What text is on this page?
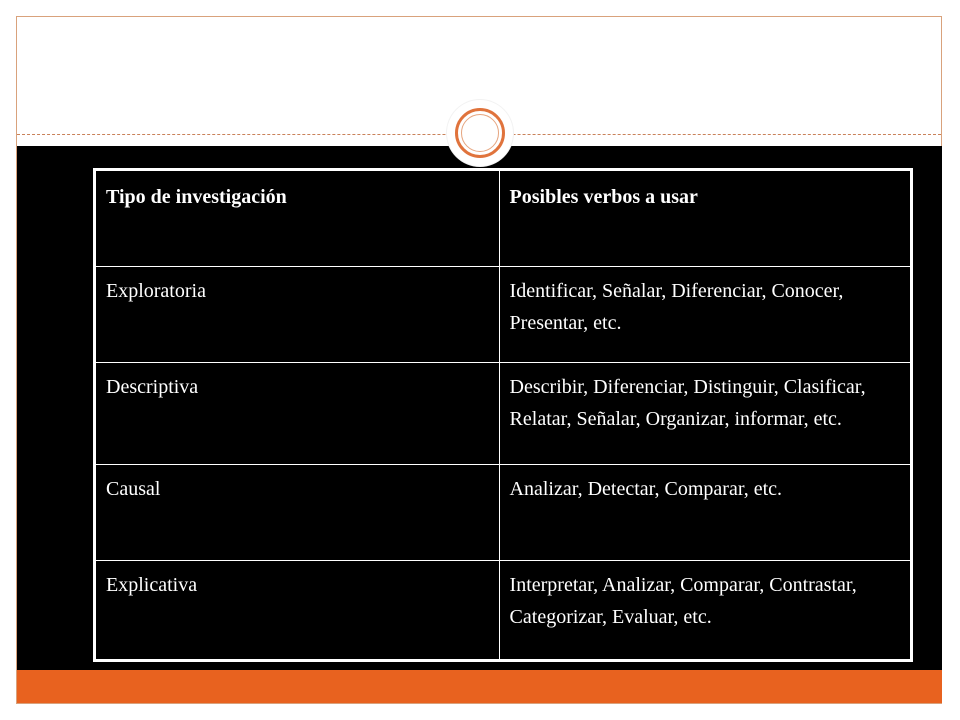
Tipo de investigación	Posibles verbos a usar
Exploratoria	Identificar, Señalar, Diferenciar, Conocer, Presentar, etc.
Descriptiva	Describir, Diferenciar, Distinguir, Clasificar, Relatar, Señalar, Organizar, informar, etc.
Causal	Analizar, Detectar, Comparar, etc.
Explicativa	Interpretar, Analizar, Comparar, Contrastar, Categorizar, Evaluar, etc.
